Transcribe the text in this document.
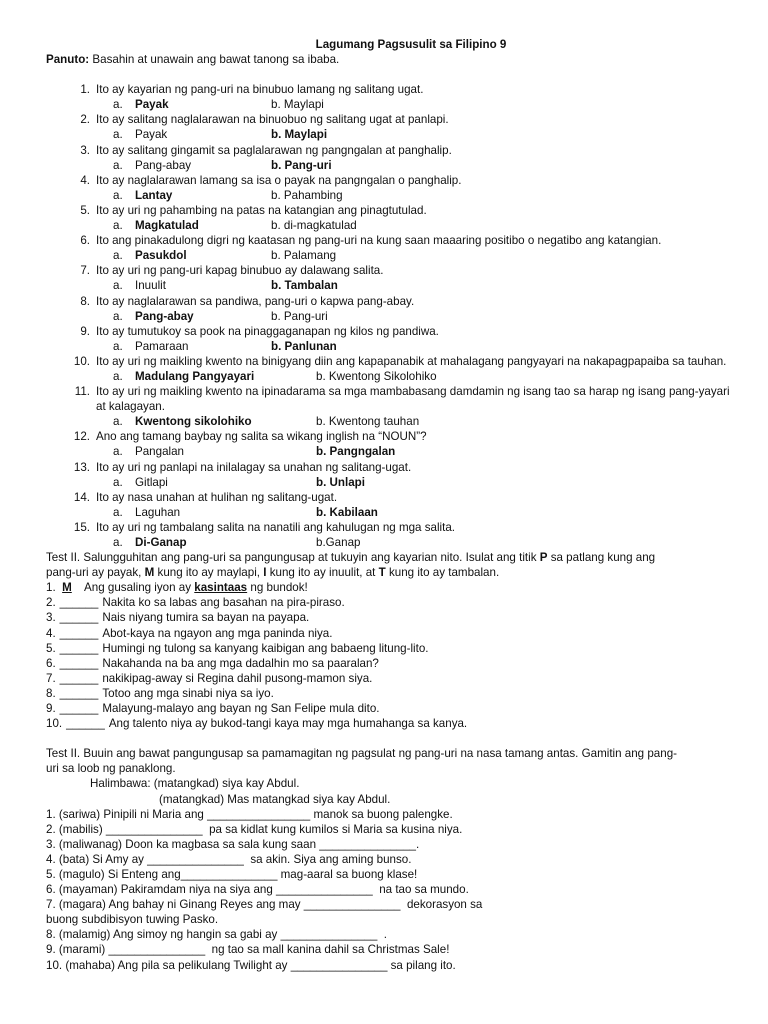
Lagumang Pagsusulit sa Filipino 9
Panuto: Basahin at unawain ang bawat tanong sa ibaba.
1. Ito ay kayarian ng pang-uri na binubuo lamang ng salitang ugat.
a. Payak	b. Maylapi
2. Ito ay salitang naglalarawan na binuobuo ng salitang ugat at panlapi.
a. Payak	b. Maylapi
3. Ito ay salitang gingamit sa paglalarawan ng pangngalan at panghalip.
a. Pang-abay	b. Pang-uri
4. Ito ay naglalarawan lamang sa isa o payak na pangngalan o panghalip.
a. Lantay	b. Pahambing
5. Ito ay uri ng pahambing na patas na katangian ang pinagtutulad.
a. Magkatulad	b. di-magkatulad
6. Ito ang pinakadulong digri ng kaatasan ng pang-uri na kung saan maaaring positibo o negatibo ang katangian.
a. Pasukdol	b. Palamang
7. Ito ay uri ng pang-uri kapag binubuo ay dalawang salita.
a. Inuulit	b. Tambalan
8. Ito ay naglalarawan sa pandiwa, pang-uri o kapwa pang-abay.
a. Pang-abay	b. Pang-uri
9. Ito ay tumutukoy sa pook na pinaggaganapan ng kilos ng pandiwa.
a. Pamaraan	b. Panlunan
10. Ito ay uri ng maikling kwento na binigyang diin ang kapapanabik at mahalagang pangyayari na nakapagpapaiba sa tauhan.
a. Madulang Pangyayari	b. Kwentong Sikolohiko
11. Ito ay uri ng maikling kwento na ipinadarama sa mga mambabasang damdamin ng isang tao sa harap ng isang pang-yayari at kalagayan.
a. Kwentong sikolohiko	b. Kwentong tauhan
12. Ano ang tamang baybay ng salita sa wikang inglish na “NOUN”?
a. Pangalan	b. Pangngalan
13. Ito ay uri ng panlapi na inilalagay sa unahan ng salitang-ugat.
a. Gitlapi	b. Unlapi
14. Ito ay nasa unahan at hulihan ng salitang-ugat.
a. Laguhan	b. Kabilaan
15. Ito ay uri ng tambalang salita na nanatili ang kahulugan ng mga salita.
a. Di-Ganap	b.Ganap
Test II. Salungguhitan ang pang-uri sa pangungusap at tukuyin ang kayarian nito. Isulat ang titik P sa patlang kung ang
pang-uri ay payak, M kung ito ay maylapi, I kung ito ay inuulit, at T kung ito ay tambalan.
1. M Ang gusaling iyon ay kasintaas ng bundok!
2. ______ Nakita ko sa labas ang basahan na pira-piraso.
3. ______ Nais niyang tumira sa bayan na payapa.
4. ______ Abot-kaya na ngayon ang mga paninda niya.
5. ______ Humingi ng tulong sa kanyang kaibigan ang babaeng litung-lito.
6. ______ Nakahanda na ba ang mga dadalhin mo sa paaralan?
7. ______ nakikipag-away si Regina dahil pusong-mamon siya.
8. ______ Totoo ang mga sinabi niya sa iyo.
9. ______ Malayung-malayo ang bayan ng San Felipe mula dito.
10. ______ Ang talento niya ay bukod-tangi kaya may mga humahanga sa kanya.
Test II. Buuin ang bawat pangungusap sa pamamagitan ng pagsulat ng pang-uri na nasa tamang antas. Gamitin ang pang-
uri sa loob ng panaklong.
Halimbawa: (matangkad) siya kay Abdul.
(matangkad) Mas matangkad siya kay Abdul.
1. (sariwa) Pinipili ni Maria ang ________________ manok sa buong palengke.
2. (mabilis) _______________  pa sa kidlat kung kumilos si Maria sa kusina niya.
3. (maliwanag) Doon ka magbasa sa sala kung saan _______________.
4. (bata) Si Amy ay _______________  sa akin. Siya ang aming bunso.
5. (magulo) Si Enteng ang_______________ mag-aaral sa buong klase!
6. (mayaman) Pakiramdam niya na siya ang _______________  na tao sa mundo.
7. (magara) Ang bahay ni Ginang Reyes ang may _______________  dekorasyon sa
buong subdibisyon tuwing Pasko.
8. (malamig) Ang simoy ng hangin sa gabi ay _______________  .
9. (marami) _______________  ng tao sa mall kanina dahil sa Christmas Sale!
10. (mahaba) Ang pila sa pelikulang Twilight ay _______________ sa pilang ito.
